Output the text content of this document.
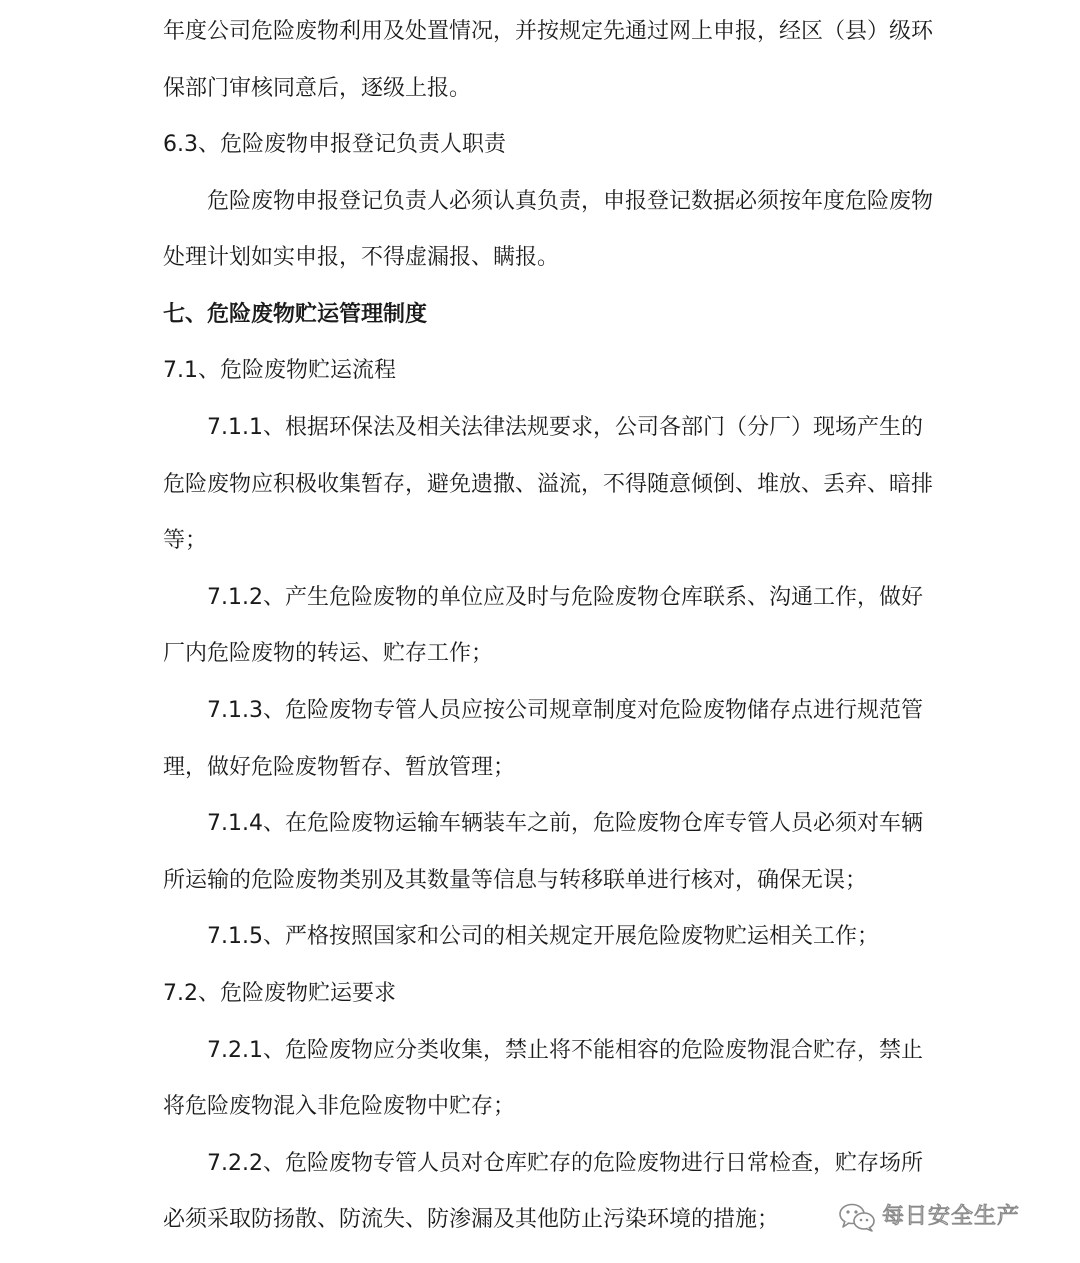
年度公司危险废物利用及处置情况，并按规定先通过网上申报，经区（县）级环
保部门审核同意后，逐级上报。
6.3、危险废物申报登记负责人职责
危险废物申报登记负责人必须认真负责，申报登记数据必须按年度危险废物
处理计划如实申报，不得虚漏报、瞒报。
七、危险废物贮运管理制度
7.1、危险废物贮运流程
7.1.1、根据环保法及相关法律法规要求，公司各部门（分厂）现场产生的
危险废物应积极收集暂存，避免遗撒、溢流，不得随意倾倒、堆放、丢弃、暗排
等；
7.1.2、产生危险废物的单位应及时与危险废物仓库联系、沟通工作，做好
厂内危险废物的转运、贮存工作；
7.1.3、危险废物专管人员应按公司规章制度对危险废物储存点进行规范管
理，做好危险废物暂存、暂放管理；
7.1.4、在危险废物运输车辆装车之前，危险废物仓库专管人员必须对车辆
所运输的危险废物类别及其数量等信息与转移联单进行核对，确保无误；
7.1.5、严格按照国家和公司的相关规定开展危险废物贮运相关工作；
7.2、危险废物贮运要求
7.2.1、危险废物应分类收集，禁止将不能相容的危险废物混合贮存，禁止
将危险废物混入非危险废物中贮存；
7.2.2、危险废物专管人员对仓库贮存的危险废物进行日常检查，贮存场所
必须采取防扬散、防流失、防渗漏及其他防止污染环境的措施；	每日安全生产
